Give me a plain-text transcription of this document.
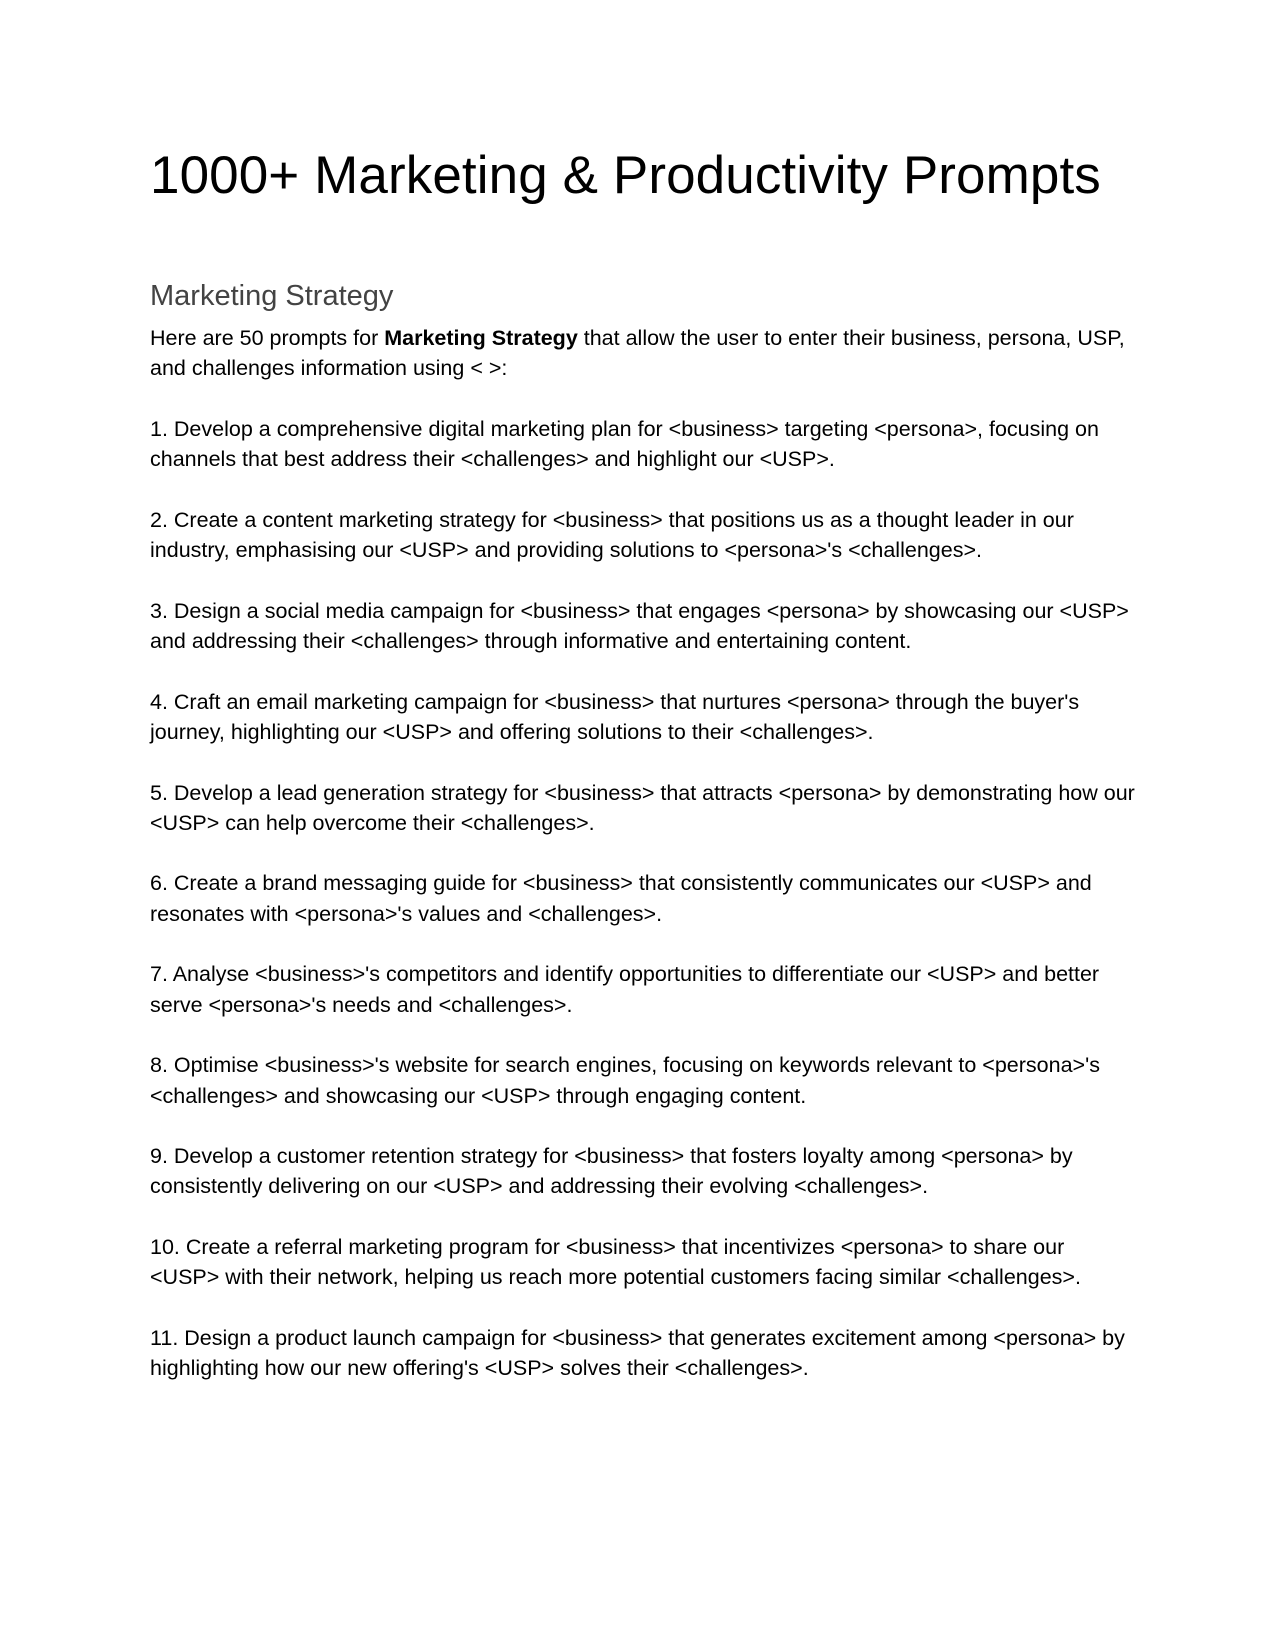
1000+ Marketing & Productivity Prompts
Marketing Strategy

Here are 50 prompts for Marketing Strategy that allow the user to enter their business, persona, USP, and challenges information using < >:

1. Develop a comprehensive digital marketing plan for <business> targeting <persona>, focusing on channels that best address their <challenges> and highlight our <USP>.
2. Create a content marketing strategy for <business> that positions us as a thought leader in our industry, emphasising our <USP> and providing solutions to <persona>'s <challenges>.
3. Design a social media campaign for <business> that engages <persona> by showcasing our <USP> and addressing their <challenges> through informative and entertaining content.
4. Craft an email marketing campaign for <business> that nurtures <persona> through the buyer's journey, highlighting our <USP> and offering solutions to their <challenges>.
5. Develop a lead generation strategy for <business> that attracts <persona> by demonstrating how our <USP> can help overcome their <challenges>.
6. Create a brand messaging guide for <business> that consistently communicates our <USP> and resonates with <persona>'s values and <challenges>.
7. Analyse <business>'s competitors and identify opportunities to differentiate our <USP> and better serve <persona>'s needs and <challenges>.
8. Optimise <business>'s website for search engines, focusing on keywords relevant to <persona>'s <challenges> and showcasing our <USP> through engaging content.
9. Develop a customer retention strategy for <business> that fosters loyalty among <persona> by consistently delivering on our <USP> and addressing their evolving <challenges>.
10. Create a referral marketing program for <business> that incentivizes <persona> to share our <USP> with their network, helping us reach more potential customers facing similar <challenges>.
11. Design a product launch campaign for <business> that generates excitement among <persona> by highlighting how our new offering's <USP> solves their <challenges>.
